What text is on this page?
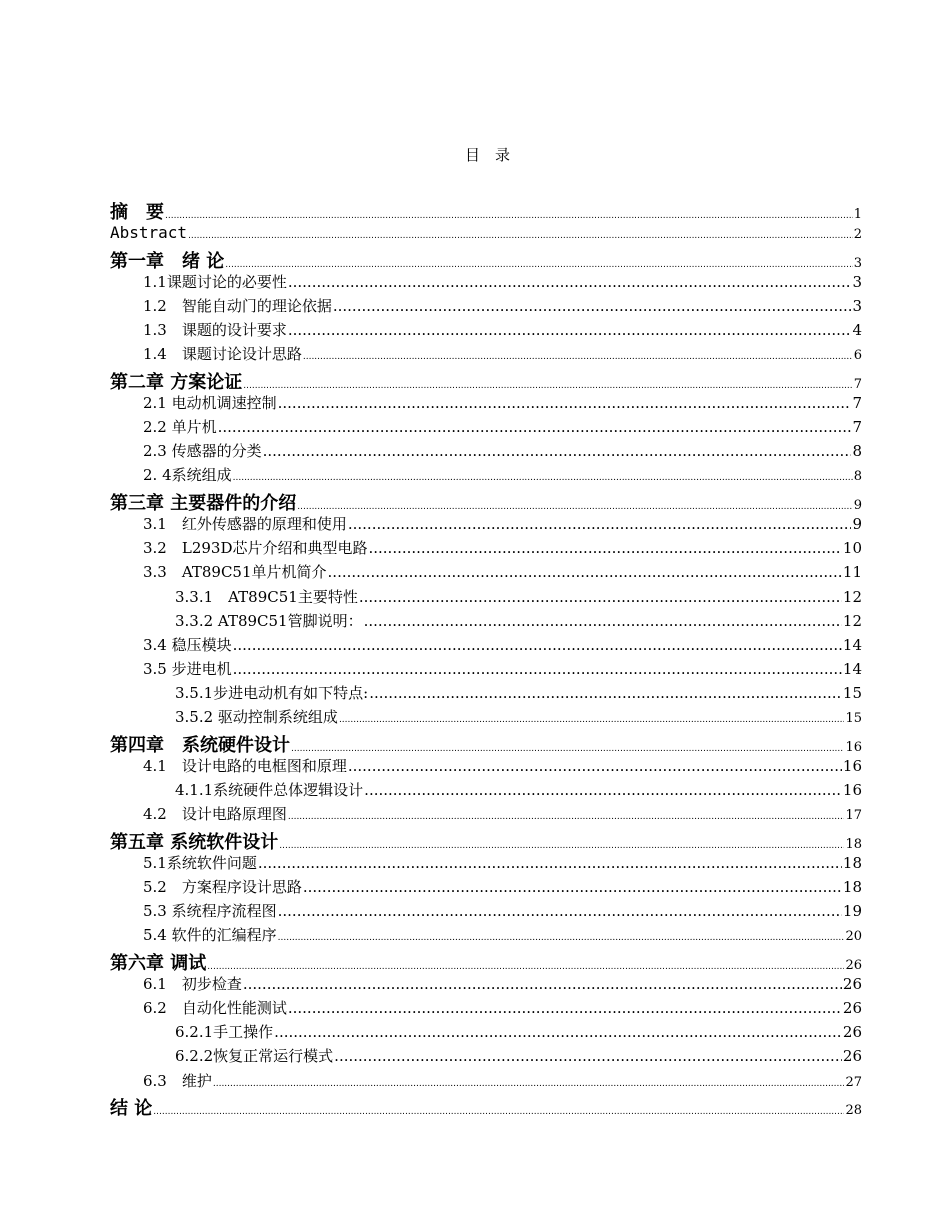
目　录
摘　要 .....	1
Abstract .....	2
第一章　绪 论 .....	3
1.1课题讨论的必要性 .....	3
1.2　智能自动门的理论依据 .....	3
1.3　课题的设计要求 .....	4
1.4　课题讨论设计思路 .....	6
第二章 方案论证 .....	7
2.1 电动机调速控制 .....	7
2.2 单片机 .....	7
2.3 传感器的分类 .....	8
2. 4系统组成 .....	8
第三章 主要器件的介绍 .....	9
3.1　红外传感器的原理和使用 .....	9
3.2　L293D芯片介绍和典型电路 .....	10
3.3　AT89C51单片机简介 .....	11
3.3.1　AT89C51主要特性 .....	12
3.3.2 AT89C51管脚说明： .....	12
3.4 稳压模块 .....	14
3.5 步进电机 .....	14
3.5.1步进电动机有如下特点: .....	15
3.5.2 驱动控制系统组成 .....	15
第四章　系统硬件设计 .....	16
4.1　设计电路的电框图和原理 .....	16
4.1.1系统硬件总体逻辑设计 .....	16
4.2　设计电路原理图 .....	17
第五章 系统软件设计 .....	18
5.1系统软件问题 .....	18
5.2　方案程序设计思路 .....	18
5.3 系统程序流程图 .....	19
5.4 软件的汇编程序 .....	20
第六章 调试 .....	26
6.1　初步检查 .....	26
6.2　自动化性能测试 .....	26
6.2.1手工操作 .....	26
6.2.2恢复正常运行模式 .....	26
6.3　维护 .....	27
结 论 .....	28
